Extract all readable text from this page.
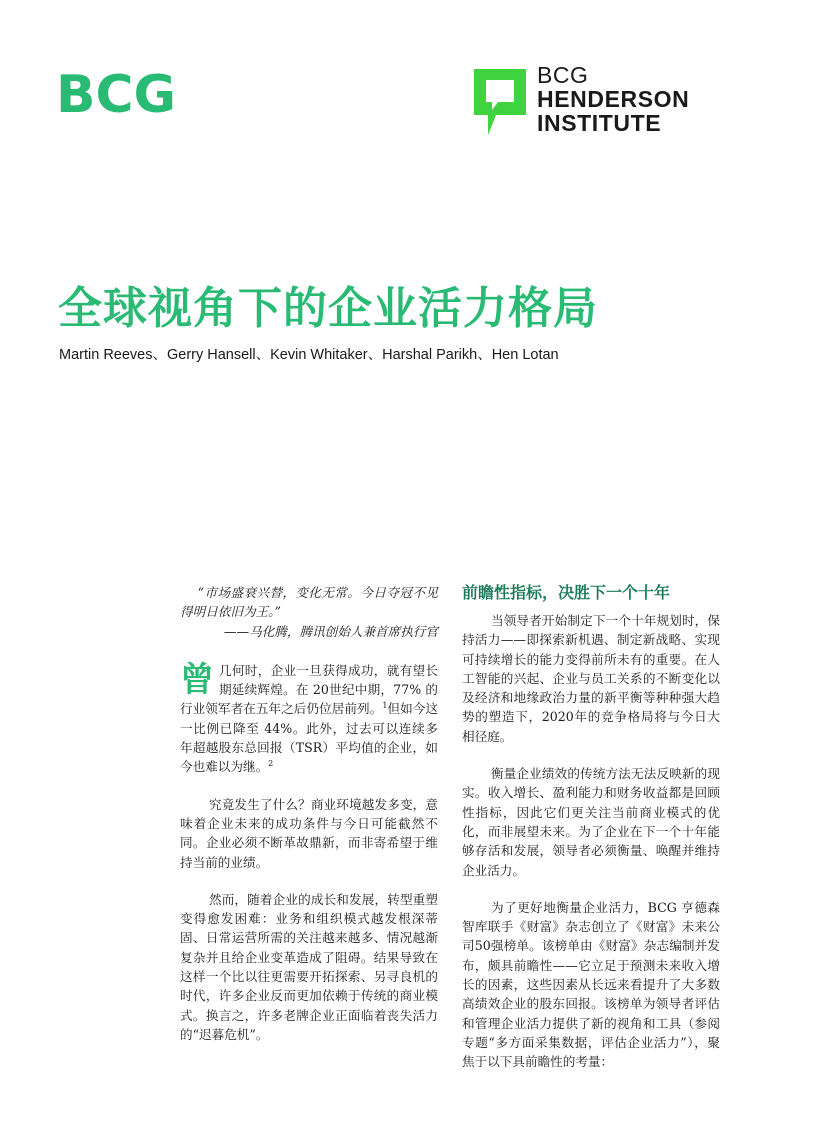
BCG	BCG
HENDERSON
INSTITUTE
全球视角下的企业活力格局
Martin Reeves、Gerry Hansell、Kevin Whitaker、Harshal Parikh、Hen Lotan

“市场盛衰兴替，变化无常。今日夺冠不见得明日依旧为王。”

——马化腾，腾讯创始人兼首席执行官

曾几何时，企业一旦获得成功，就有望长期延续辉煌。在 20世纪中期，77% 的行业领军者在五年之后仍位居前列。$^1$但如今这一比例已降至 44%。此外，过去可以连续多年超越股东总回报（TSR）平均值的企业，如今也难以为继。$^2$

究竟发生了什么？商业环境越发多变，意味着企业未来的成功条件与今日可能截然不同。企业必须不断革故鼎新，而非寄希望于维持当前的业绩。

然而，随着企业的成长和发展，转型重塑变得愈发困难：业务和组织模式越发根深蒂固、日常运营所需的关注越来越多、情况越渐复杂并且给企业变革造成了阻碍。结果导致在这样一个比以往更需要开拓探索、另寻良机的时代，许多企业反而更加依赖于传统的商业模式。换言之，许多老牌企业正面临着丧失活力的“迟暮危机”。

前瞻性指标，决胜下一个十年

当领导者开始制定下一个十年规划时，保持活力——即探索新机遇、制定新战略、实现可持续增长的能力变得前所未有的重要。在人工智能的兴起、企业与员工关系的不断变化以及经济和地缘政治力量的新平衡等种种强大趋势的塑造下，2020年的竞争格局将与今日大相径庭。

衡量企业绩效的传统方法无法反映新的现实。收入增长、盈利能力和财务收益都是回顾性指标，因此它们更关注当前商业模式的优化，而非展望未来。为了企业在下一个十年能够存活和发展，领导者必须衡量、唤醒并维持企业活力。

为了更好地衡量企业活力，BCG 亨德森智库联手《财富》杂志创立了《财富》未来公司50强榜单。该榜单由《财富》杂志编制并发布，颇具前瞻性——它立足于预测未来收入增长的因素，这些因素从长远来看提升了大多数高绩效企业的股东回报。该榜单为领导者评估和管理企业活力提供了新的视角和工具（参阅专题“多方面采集数据，评估企业活力”），聚焦于以下具前瞻性的考量：
